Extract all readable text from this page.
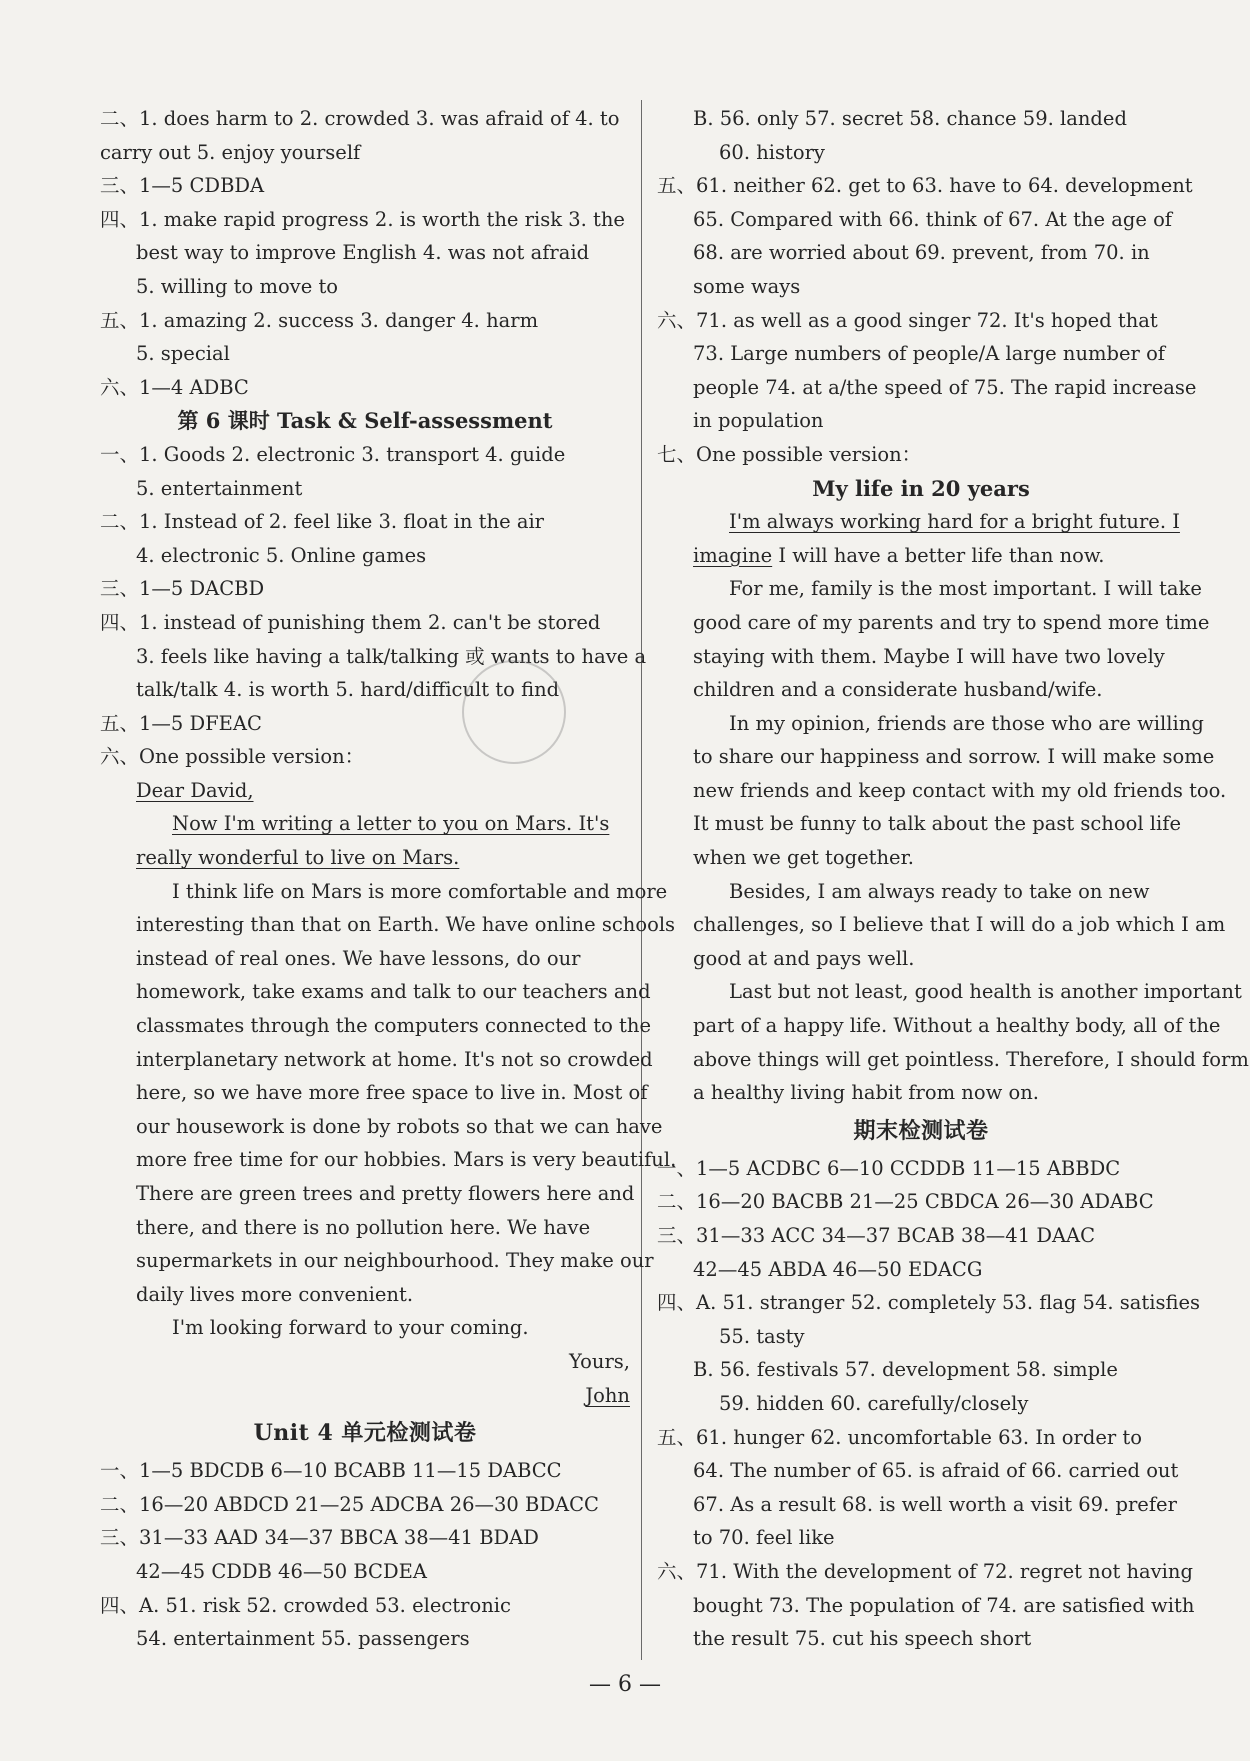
二、1. does harm to 2. crowded 3. was afraid of 4. to
carry out 5. enjoy yourself
三、1—5 CDBDA
四、1. make rapid progress 2. is worth the risk 3. the
best way to improve English 4. was not afraid
5. willing to move to
五、1. amazing 2. success 3. danger 4. harm
5. special
六、1—4 ADBC
第 6 课时 Task & Self-assessment
一、1. Goods 2. electronic 3. transport 4. guide
5. entertainment
二、1. Instead of 2. feel like 3. float in the air
4. electronic 5. Online games
三、1—5 DACBD
四、1. instead of punishing them 2. can't be stored
3. feels like having a talk/talking 或 wants to have a
talk/talk 4. is worth 5. hard/difficult to find
五、1—5 DFEAC
六、One possible version：
Dear David,
Now I'm writing a letter to you on Mars. It's
really wonderful to live on Mars.
I think life on Mars is more comfortable and more
interesting than that on Earth. We have online schools
instead of real ones. We have lessons, do our
homework, take exams and talk to our teachers and
classmates through the computers connected to the
interplanetary network at home. It's not so crowded
here, so we have more free space to live in. Most of
our housework is done by robots so that we can have
more free time for our hobbies. Mars is very beautiful.
There are green trees and pretty flowers here and
there, and there is no pollution here. We have
supermarkets in our neighbourhood. They make our
daily lives more convenient.
I'm looking forward to your coming.
Yours,
John
Unit 4 单元检测试卷
一、1—5 BDCDB 6—10 BCABB 11—15 DABCC
二、16—20 ABDCD 21—25 ADCBA 26—30 BDACC
三、31—33 AAD 34—37 BBCA 38—41 BDAD
42—45 CDDB 46—50 BCDEA
四、A. 51. risk 52. crowded 53. electronic
54. entertainment 55. passengers
B. 56. only 57. secret 58. chance 59. landed
60. history
五、61. neither 62. get to 63. have to 64. development
65. Compared with 66. think of 67. At the age of
68. are worried about 69. prevent, from 70. in
some ways
六、71. as well as a good singer 72. It's hoped that
73. Large numbers of people/A large number of
people 74. at a/the speed of 75. The rapid increase
in population
七、One possible version：
My life in 20 years
I'm always working hard for a bright future. I
imagine I will have a better life than now.
For me, family is the most important. I will take
good care of my parents and try to spend more time
staying with them. Maybe I will have two lovely
children and a considerate husband/wife.
In my opinion, friends are those who are willing
to share our happiness and sorrow. I will make some
new friends and keep contact with my old friends too.
It must be funny to talk about the past school life
when we get together.
Besides, I am always ready to take on new
challenges, so I believe that I will do a job which I am
good at and pays well.
Last but not least, good health is another important
part of a happy life. Without a healthy body, all of the
above things will get pointless. Therefore, I should form
a healthy living habit from now on.
期末检测试卷
一、1—5 ACDBC 6—10 CCDDB 11—15 ABBDC
二、16—20 BACBB 21—25 CBDCA 26—30 ADABC
三、31—33 ACC 34—37 BCAB 38—41 DAAC
42—45 ABDA 46—50 EDACG
四、A. 51. stranger 52. completely 53. flag 54. satisfies
55. tasty
B. 56. festivals 57. development 58. simple
59. hidden 60. carefully/closely
五、61. hunger 62. uncomfortable 63. In order to
64. The number of 65. is afraid of 66. carried out
67. As a result 68. is well worth a visit 69. prefer
to 70. feel like
六、71. With the development of 72. regret not having
bought 73. The population of 74. are satisfied with
the result 75. cut his speech short
— 6 —
